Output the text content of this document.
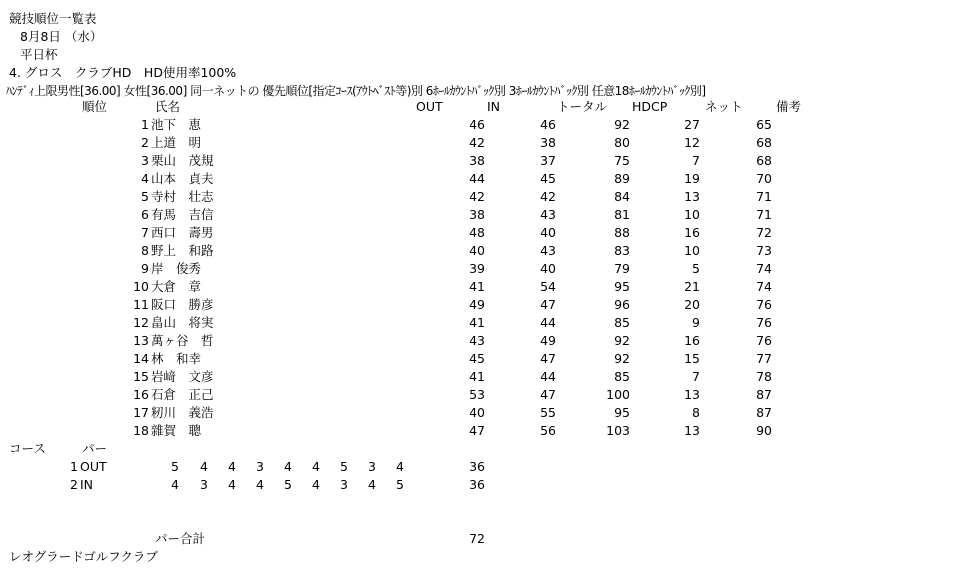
競技順位一覧表
8月8日 （水）
平日杯
4. グロス　クラブHD　HD使用率100%
ﾊﾝﾃﾞｨ上限男性[36.00] 女性[36.00] 同一ネットの 優先順位[指定ｺｰｽ(ｱｳﾄﾍﾞｽﾄ等)別 6ﾎｰﾙｶｳﾝﾄﾊﾞｯｸ別 3ﾎｰﾙｶｳﾝﾄﾊﾞｯｸ別 任意18ﾎｰﾙｶｳﾝﾄﾊﾞｯｸ別]
順位	氏名	OUT	IN	トータル HDCP	ネット	備考
1 池下　恵	46	46	92	27	65
2 上道　明	42	38	80	12	68
3 栗山　茂規	38	37	75	7	68
4 山本　貞夫	44	45	89	19	70
5 寺村　壮志	42	42	84	13	71
6 有馬　吉信	38	43	81	10	71
7 西口　壽男	48	40	88	16	72
8 野上　和路	40	43	83	10	73
9 岸　俊秀	39	40	79	5	74
10 大倉　章	41	54	95	21	74
11 阪口　勝彦	49	47	96	20	76
12 畠山　将実	41	44	85	9	76
13 萬ヶ谷　哲	43	49	92	16	76
14 林　和幸	45	47	92	15	77
15 岩﨑　文彦	41	44	85	7	78
16 石倉　正己	53	47	100	13	87
17 籾川　義浩	40	55	95	8	87
18 雜賀　聰	47	56	103	13	90
コース	パー
1 OUT	5	4	4	3	4	4	5	3	4	36
2 IN	4	3	4	4	5	4	3	4	5	36
パー合計	72
レオグラードゴルフクラブ
